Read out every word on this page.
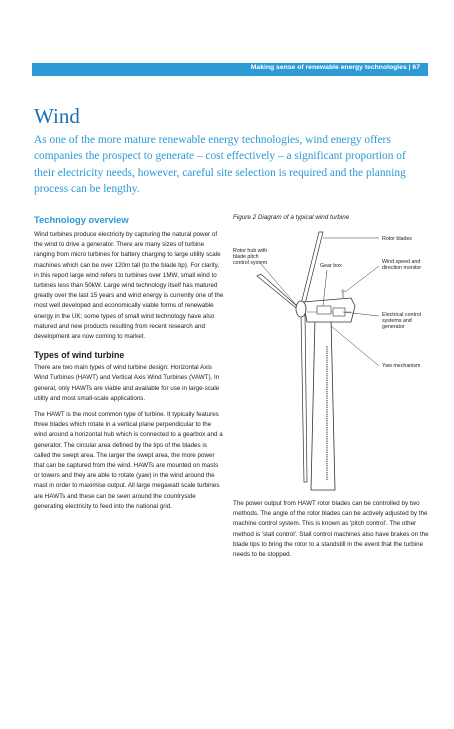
Making sense of renewable energy technologies | 67
Wind

As one of the more mature renewable energy technologies, wind energy offers companies the prospect to generate – cost effectively – a significant proportion of their electricity needs, however, careful site selection is required and the planning process can be lengthy.

Technology overview

Wind turbines produce electricity by capturing the natural power of the wind to drive a generator. There are many sizes of turbine ranging from micro turbines for battery charging to large utility scale machines which can be over 120m tall (to the blade tip). For clarity, in this report large wind refers to turbines over 1MW, small wind to turbines less than 50kW. Large wind technology itself has matured greatly over the last 15 years and wind energy is currently one of the most well developed and economically viable forms of renewable energy in the UK; some types of small wind technology have also matured and new products resulting from recent research and development are now coming to market.

Types of wind turbine

There are two main types of wind turbine design: Horizontal Axis Wind Turbines (HAWT) and Vertical Axis Wind Turbines (VAWT). In general, only HAWTs are viable and available for use in large-scale utility and most small-scale applications.

The HAWT is the most common type of turbine. It typically features three blades which rotate in a vertical plane perpendicular to the wind around a horizontal hub which is connected to a gearbox and a generator. The circular area defined by the tips of the blades is called the swept area. The larger the swept area, the more power that can be captured from the wind. HAWTs are mounted on masts or towers and they are able to rotate (yaw) in the wind around the mast in order to maximise output. All large megawatt scale turbines are HAWTs and these can be seen around the countryside generating electricity to feed into the national grid.

Figure 2 Diagram of a typical wind turbine

Rotor hub with blade pitch control system	Gear box
Rotor blades
Wind speed and direction monitor
Electrical control systems and generator
Yaw mechanism

The power output from HAWT rotor blades can be controlled by two methods. The angle of the rotor blades can be actively adjusted by the machine control system. This is known as 'pitch control'. The other method is 'stall control'. Stall control machines also have brakes on the blade tips to bring the rotor to a standstill in the event that the turbine needs to be stopped.
